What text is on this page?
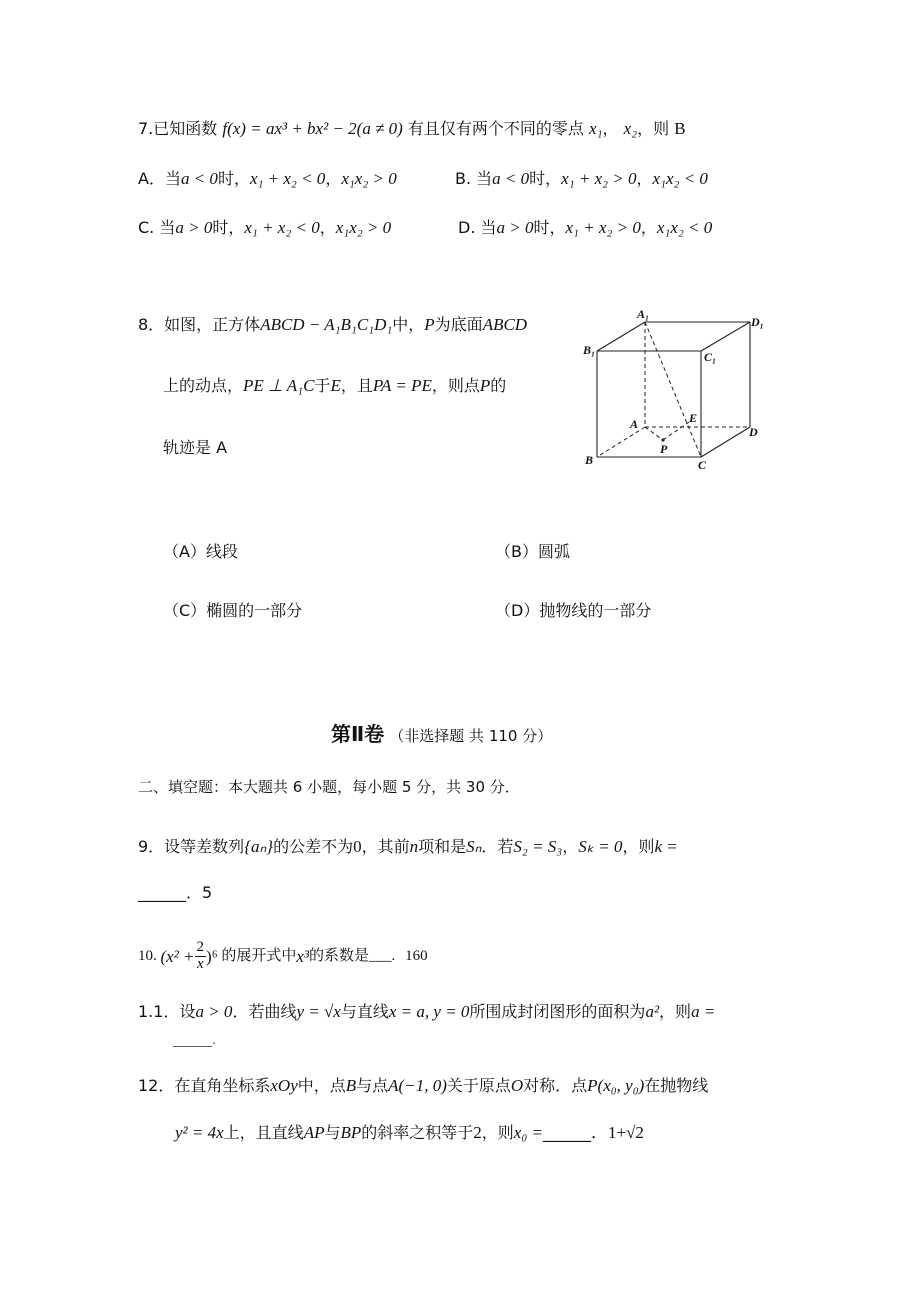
7.已知函数 f(x) = ax³ + bx² − 2(a ≠ 0) 有且仅有两个不同的零点 x₁， x₂，则 B
A．当a < 0时，x₁ + x₂ < 0，x₁x₂ > 0	B. 当a < 0时，x₁ + x₂ > 0，x₁x₂ < 0
C. 当a > 0时，x₁ + x₂ < 0，x₁x₂ > 0	D. 当a > 0时，x₁ + x₂ > 0，x₁x₂ < 0
8．如图，正方体ABCD − A₁B₁C₁D₁中，P为底面ABCD
上的动点，PE ⊥ A₁C于E，且PA = PE，则点P的
轨迹是 A
A₁
D₁
B₁	C₁
A	E
D
P
B	C
（A）线段	（B）圆弧
（C）椭圆的一部分	（D）抛物线的一部分
第Ⅱ卷 （非选择题 共 110 分）
二、填空题：本大题共 6 小题，每小题 5 分，共 30 分．
9．设等差数列{aₙ}的公差不为0，其前n项和是Sₙ．若S₂ = S₃，Sₖ = 0，则k =
______．5
10. $(x^2 + \frac{2}{x} )^6$ 的展开式中x³的系数是___. 160
1.1．设a > 0．若曲线y = √x与直线x = a, y = 0所围成封闭图形的面积为a²，则a =
______.
12．在直角坐标系xOy中，点B与点A(−1, 0)关于原点O对称．点P(x₀, y₀)在抛物线
y² = 4x上，且直线AP与BP的斜率之积等于2，则x₀ =______．1+√2
